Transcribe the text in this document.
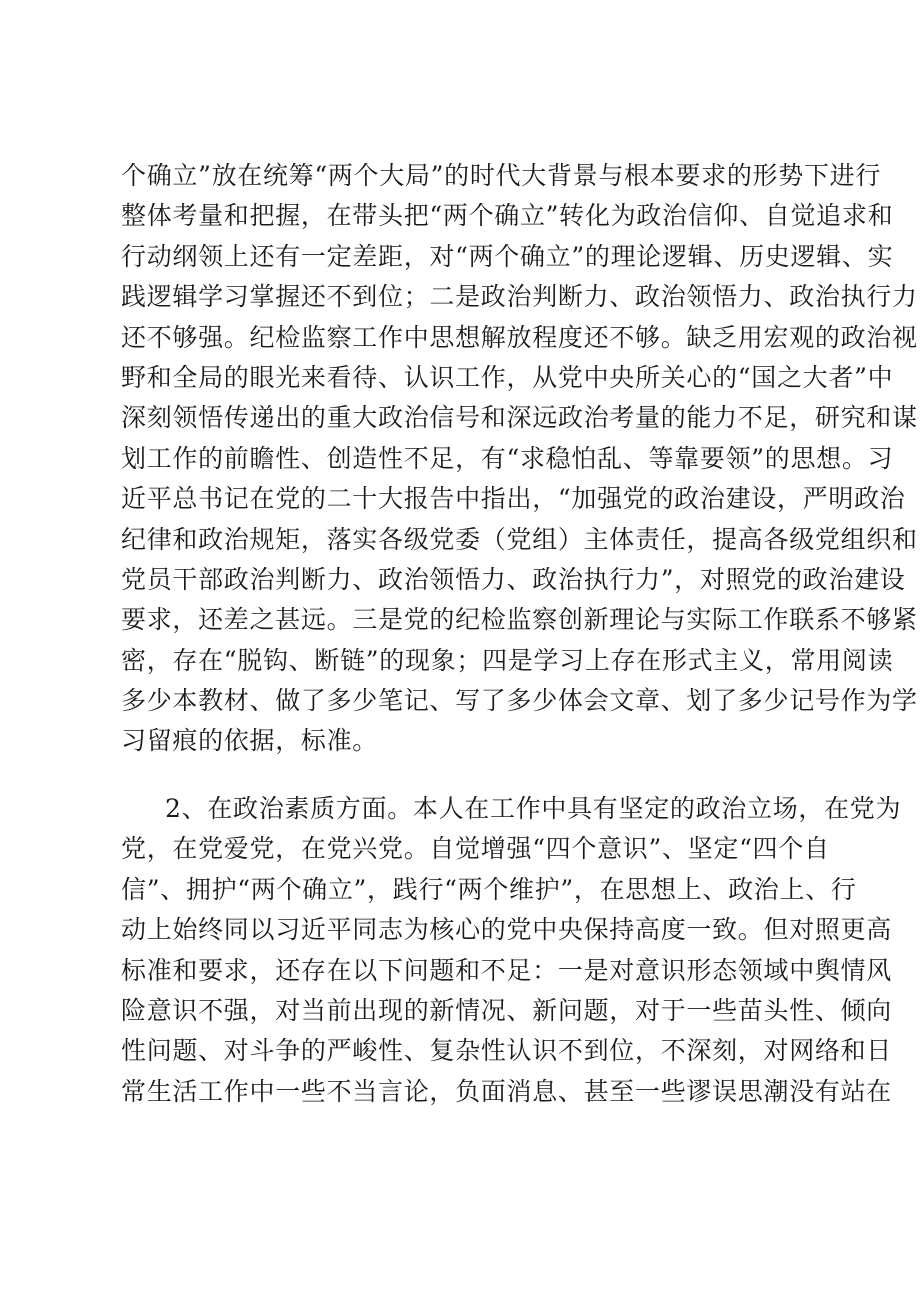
个确立”放在统筹“两个大局”的时代大背景与根本要求的形势下进行
整体考量和把握，在带头把“两个确立”转化为政治信仰、自觉追求和
行动纲领上还有一定差距，对“两个确立”的理论逻辑、历史逻辑、实
践逻辑学习掌握还不到位；二是政治判断力、政治领悟力、政治执行力
还不够强。纪检监察工作中思想解放程度还不够。缺乏用宏观的政治视
野和全局的眼光来看待、认识工作，从党中央所关心的“国之大者”中
深刻领悟传递出的重大政治信号和深远政治考量的能力不足，研究和谋
划工作的前瞻性、创造性不足，有“求稳怕乱、等靠要领”的思想。习
近平总书记在党的二十大报告中指出，“加强党的政治建设，严明政治
纪律和政治规矩，落实各级党委（党组）主体责任，提高各级党组织和
党员干部政治判断力、政治领悟力、政治执行力”，对照党的政治建设
要求，还差之甚远。三是党的纪检监察创新理论与实际工作联系不够紧
密，存在“脱钩、断链”的现象；四是学习上存在形式主义，常用阅读
多少本教材、做了多少笔记、写了多少体会文章、划了多少记号作为学
习留痕的依据，标准。
2、在政治素质方面。本人在工作中具有坚定的政治立场，在党为
党，在党爱党，在党兴党。自觉增强“四个意识”、坚定“四个自
信”、拥护“两个确立”，践行“两个维护”，在思想上、政治上、行
动上始终同以习近平同志为核心的党中央保持高度一致。但对照更高
标准和要求，还存在以下问题和不足：一是对意识形态领域中舆情风
险意识不强，对当前出现的新情况、新问题，对于一些苗头性、倾向
性问题、对斗争的严峻性、复杂性认识不到位，不深刻，对网络和日
常生活工作中一些不当言论，负面消息、甚至一些谬误思潮没有站在
